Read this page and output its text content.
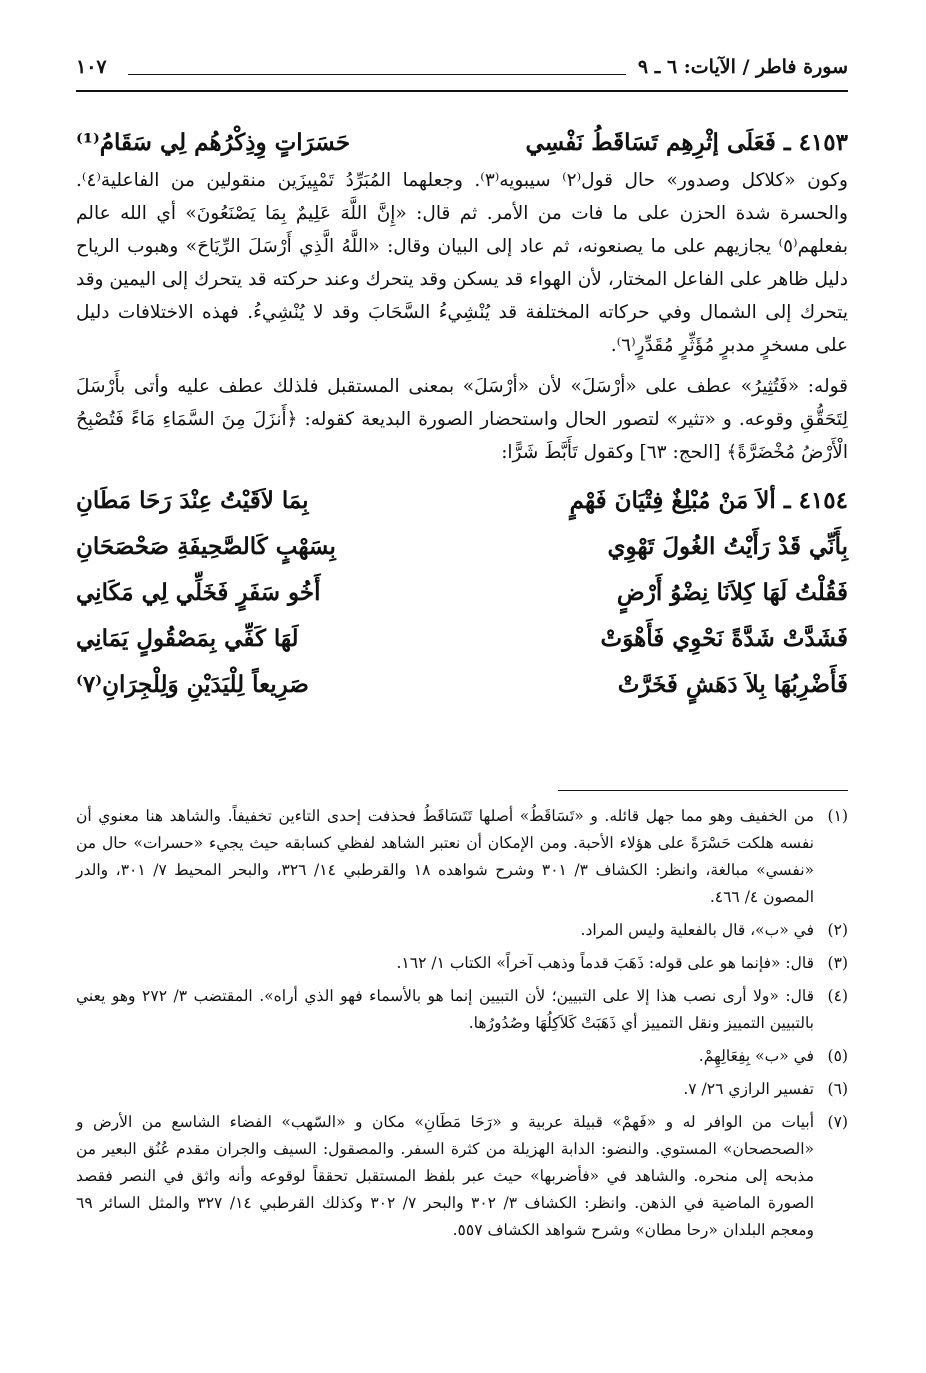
سورة فاطر / الآيات: ٦ ـ ٩
١٠٧
٤١٥٣ ـ فَعَلَى إثْرِهِم تَسَاقَطُ نَفْسِي
حَسَرَاتٍ وِذِكْرُهُم لِي سَقَامُ⁽¹⁾

وكون «كلاكل وصدور» حال قول⁽٢⁾ سيبويه⁽٣⁾. وجعلهما المُبَرِّدُ تَمْيِيزَين منقولين من الفاعلية⁽٤⁾. والحسرة شدة الحزن على ما فات من الأمر. ثم قال: «إِنَّ اللَّهَ عَلِيمٌ بِمَا يَصْنَعُونَ» أي الله عالم بفعلهم⁽٥⁾ يجازيهم على ما يصنعونه، ثم عاد إلى البيان وقال: «اللَّهُ الَّذِي أَرْسَلَ الرِّيَاحَ» وهبوب الرياح دليل ظاهر على الفاعل المختار، لأن الهواء قد يسكن وقد يتحرك وعند حركته قد يتحرك إلى اليمين وقد يتحرك إلى الشمال وفي حركاته المختلفة قد يُنْشِيءُ السَّحَابَ وقد لا يُنْشِيءُ. فهذه الاختلافات دليل على مسخرٍ مدبرٍ مُؤَثِّرٍ مُقَدِّرٍ⁽٦⁾.

قوله: «فَتُثِيرُ» عطف على «أرْسَلَ» لأن «أرْسَلَ» بمعنى المستقبل فلذلك عطف عليه وأتى بأَرْسَلَ لِتَحَقُّقِ وقوعه. و «تثير» لتصور الحال واستحضار الصورة البديعة كقوله: ﴿أَنزَلَ مِنَ السَّمَاءِ مَاءً فَتُصْبِحُ الْأَرْضُ مُخْضَرَّةً﴾ [الحج: ٦٣] وكقول تَأَبَّطَ شَرًّا:

٤١٥٤ ـ ألاَ مَنْ مُبْلِغٌ فِتْيَانَ فَهْمٍ
بِمَا لاَقَيْتُ عِنْدَ رَحَا مَطَانِ
بِأَنِّي قَدْ رَأَيْتُ الغُولَ تَهْوِي
بِسَهْبٍ كَالصَّحِيفَةِ صَحْصَحَانِ
فَقُلْتُ لَهَا كِلاَنَا نِضْوُ أَرْضٍ
أَخُو سَفَرٍ فَخَلِّي لِي مَكَانِي
فَشَدَّتْ شَدَّةً نَحْوِي فَأَهْوَتْ
لَهَا كَفِّي بِمَصْقُولٍ يَمَانِي
فَأَضْرِبُهَا بِلاَ دَهَشٍ فَخَرَّتْ
صَرِيعاً لِلْيَدَيْنِ وَلِلْجِرَانِ⁽٧⁾
(١)
من الخفيف وهو مما جهل قائله. و «تَسَاقَطُ» أصلها تَتَسَاقَطُ فحذفت إحدى التاءين تخفيفاً. والشاهد هنا معنوي أن نفسه هلكت حَسْرَةً على هؤلاء الأحبة. ومن الإمكان أن نعتبر الشاهد لفظي كسابقه حيث يجيء «حسرات» حال من «نفسي» مبالغة، وانظر: الكشاف ٣/ ٣٠١ وشرح شواهده ١٨ والقرطبي ١٤/ ٣٢٦، والبحر المحيط ٧/ ٣٠١، والدر المصون ٤/ ٤٦٦.
(٢)
في «ب»، قال بالفعلية وليس المراد.
(٣)
قال: «فإنما هو على قوله: ذَهَبَ قدماً وذهب آخراً» الكتاب ١/ ١٦٢.
(٤)
قال: «ولا أرى نصب هذا إلا على التبيين؛ لأن التبيين إنما هو بالأسماء فهو الذي أراه». المقتضب ٣/ ٢٧٢ وهو يعني بالتبيين التمييز ونقل التمييز أي ذَهَبَتْ كَلاَكِلُهَا وصُدُورُها.
(٥)
في «ب» بِفِعَالِهِمْ.
(٦)
تفسير الرازي ٢٦/ ٧.
(٧)
أبيات من الوافر له و «فَهمْ» قبيلة عربية و «رَحَا مَطَانِ» مكان و «السّهب» الفضاء الشاسع من الأرض و «الصحصحان» المستوي. والنضو: الدابة الهزيلة من كثرة السفر. والمصقول: السيف والجران مقدم عُنُق البعير من مذبحه إلى منحره. والشاهد في «فأضربها» حيث عبر بلفظ المستقبل تحققاً لوقوعه وأنه واثق في النصر فقصد الصورة الماضية في الذهن. وانظر: الكشاف ٣/ ٣٠٢ والبحر ٧/ ٣٠٢ وكذلك القرطبي ١٤/ ٣٢٧ والمثل السائر ٦٩ ومعجم البلدان «رحا مطان» وشرح شواهد الكشاف ٥٥٧.
